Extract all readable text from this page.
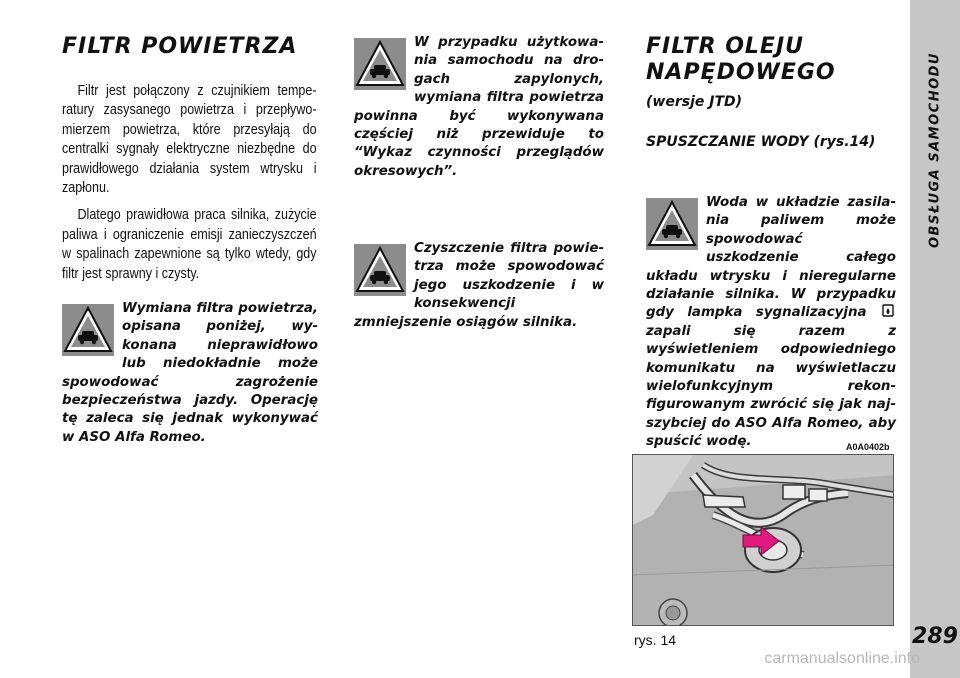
FILTR POWIETRZA

Filtr jest połączony z czujnikiem temperatury zasysanego powietrza i przepływomierzem powietrza, które przesyłają do centralki sygnały elektryczne niezbędne do prawidłowego działania system wtrysku i zapłonu.

Dlatego prawidłowa praca silnika, zużycie paliwa i ograniczenie emisji zanieczyszczeń w spalinach zapewnione są tylko wtedy, gdy filtr jest sprawny i czysty.

Wymiana filtra powietrza, opisana poniżej, wykonana nieprawidłowo lub niedokładnie może spowodować zagrożenie bezpieczeństwa jazdy. Operację tę zaleca się jednak wykonywać w ASO Alfa Romeo.
W przypadku użytkowania samochodu na drogach zapylonych, wymiana filtra powietrza powinna być wykonywana częściej niż przewiduje to “Wykaz czynności przeglądów okresowych”.
Czyszczenie filtra powietrza może spowodować jego uszkodzenie i w konsekwencji zmniejszenie osiągów silnika.
FILTR OLEJU
NAPĘDOWEGO
(wersje JTD)
SPUSZCZANIE WODY (rys.14)
Woda w układzie zasilania paliwem może spowodować uszkodzenie całego układu wtrysku i nieregularne działanie silnika. W przypadku gdy lampka sygnalizacyjna  zapali się razem z wyświetleniem odpowiedniego komunikatu na wyświetlaczu wielofunkcyjnym rekonfigurowanym zwrócić się jak najszybciej do ASO Alfa Romeo, aby spuścić wodę.	A0A0402b
rys. 14
OBSŁUGA SAMOCHODU
289
carmanualsonline.info
